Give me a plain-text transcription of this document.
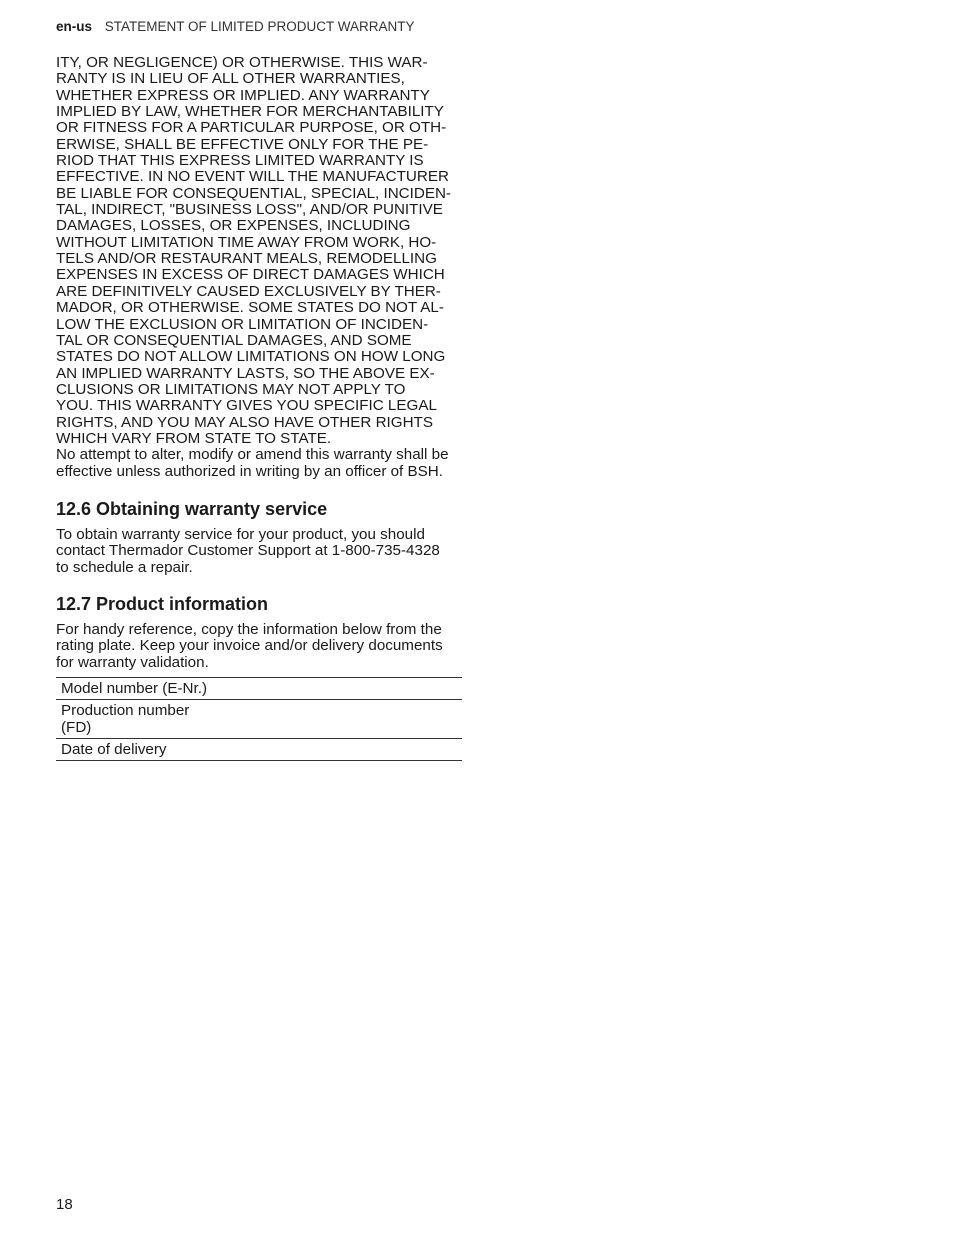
en-us STATEMENT OF LIMITED PRODUCT WARRANTY

ITY, OR NEGLIGENCE) OR OTHERWISE. THIS WAR-
RANTY IS IN LIEU OF ALL OTHER WARRANTIES,
WHETHER EXPRESS OR IMPLIED. ANY WARRANTY
IMPLIED BY LAW, WHETHER FOR MERCHANTABILITY
OR FITNESS FOR A PARTICULAR PURPOSE, OR OTH-
ERWISE, SHALL BE EFFECTIVE ONLY FOR THE PE-
RIOD THAT THIS EXPRESS LIMITED WARRANTY IS
EFFECTIVE. IN NO EVENT WILL THE MANUFACTURER
BE LIABLE FOR CONSEQUENTIAL, SPECIAL, INCIDEN-
TAL, INDIRECT, "BUSINESS LOSS", AND/OR PUNITIVE
DAMAGES, LOSSES, OR EXPENSES, INCLUDING
WITHOUT LIMITATION TIME AWAY FROM WORK, HO-
TELS AND/OR RESTAURANT MEALS, REMODELLING
EXPENSES IN EXCESS OF DIRECT DAMAGES WHICH
ARE DEFINITIVELY CAUSED EXCLUSIVELY BY THER-
MADOR, OR OTHERWISE. SOME STATES DO NOT AL-
LOW THE EXCLUSION OR LIMITATION OF INCIDEN-
TAL OR CONSEQUENTIAL DAMAGES, AND SOME
STATES DO NOT ALLOW LIMITATIONS ON HOW LONG
AN IMPLIED WARRANTY LASTS, SO THE ABOVE EX-
CLUSIONS OR LIMITATIONS MAY NOT APPLY TO
YOU. THIS WARRANTY GIVES YOU SPECIFIC LEGAL
RIGHTS, AND YOU MAY ALSO HAVE OTHER RIGHTS
WHICH VARY FROM STATE TO STATE.

No attempt to alter, modify or amend this warranty shall be
effective unless authorized in writing by an officer of BSH.

12.6 Obtaining warranty service

To obtain warranty service for your product, you should
contact Thermador Customer Support at 1-800-735-4328
to schedule a repair.

12.7 Product information

For handy reference, copy the information below from the
rating plate. Keep your invoice and/or delivery documents
for warranty validation.

Model number (E-Nr.)	
Production number (FD)	
Date of delivery	
18
